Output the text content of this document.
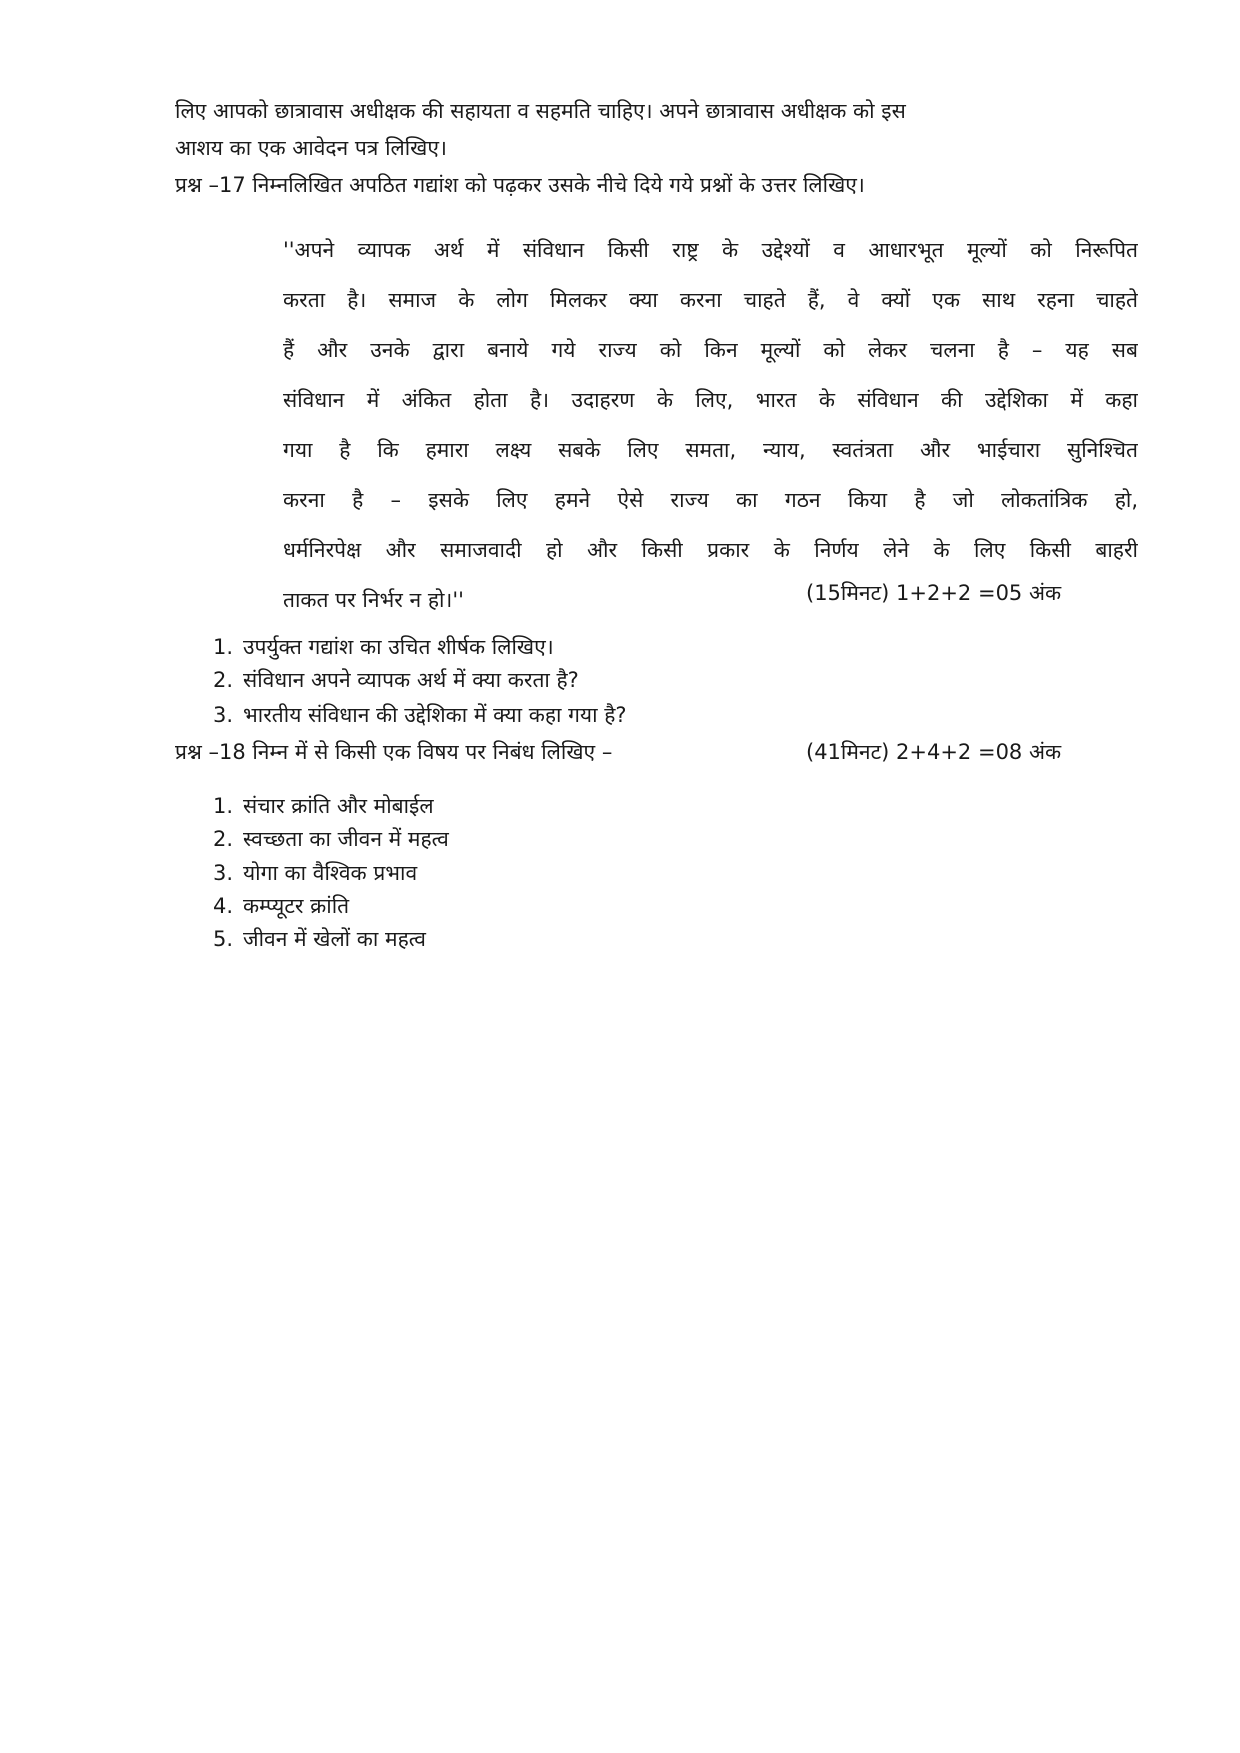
लिए आपको छात्रावास अधीक्षक की सहायता व सहमति चाहिए। अपने छात्रावास अधीक्षक को इस
आशय का एक आवेदन पत्र लिखिए।
प्रश्न –17 निम्नलिखित अपठित गद्यांश को पढ़कर उसके नीचे दिये गये प्रश्नों के उत्तर लिखिए।
''अपने व्यापक अर्थ में संविधान किसी राष्ट्र के उद्देश्यों व आधारभूत मूल्यों को निरूपित
करता है। समाज के लोग मिलकर क्या करना चाहते हैं, वे क्यों एक साथ रहना चाहते
हैं और उनके द्वारा बनाये गये राज्य को किन मूल्यों को लेकर चलना है – यह सब
संविधान में अंकित होता है। उदाहरण के लिए, भारत के संविधान की उद्देशिका में कहा
गया है कि हमारा लक्ष्य सबके लिए समता, न्याय, स्वतंत्रता और भाईचारा सुनिश्चित
करना है – इसके लिए हमने ऐसे राज्य का गठन किया है जो लोकतांत्रिक हो,
धर्मनिरपेक्ष और समाजवादी हो और किसी प्रकार के निर्णय लेने के लिए किसी बाहरी
ताकत पर निर्भर न हो।''	(15मिनट) 1+2+2 =05 अंक
1. उपर्युक्त गद्यांश का उचित शीर्षक लिखिए।
2. संविधान अपने व्यापक अर्थ में क्या करता है?
3. भारतीय संविधान की उद्देशिका में क्या कहा गया है?
प्रश्न –18 निम्न में से किसी एक विषय पर निबंध लिखिए –	(41मिनट) 2+4+2 =08 अंक
1. संचार क्रांति और मोबाईल
2. स्वच्छता का जीवन में महत्व
3. योगा का वैश्विक प्रभाव
4. कम्प्यूटर क्रांति
5. जीवन में खेलों का महत्व
